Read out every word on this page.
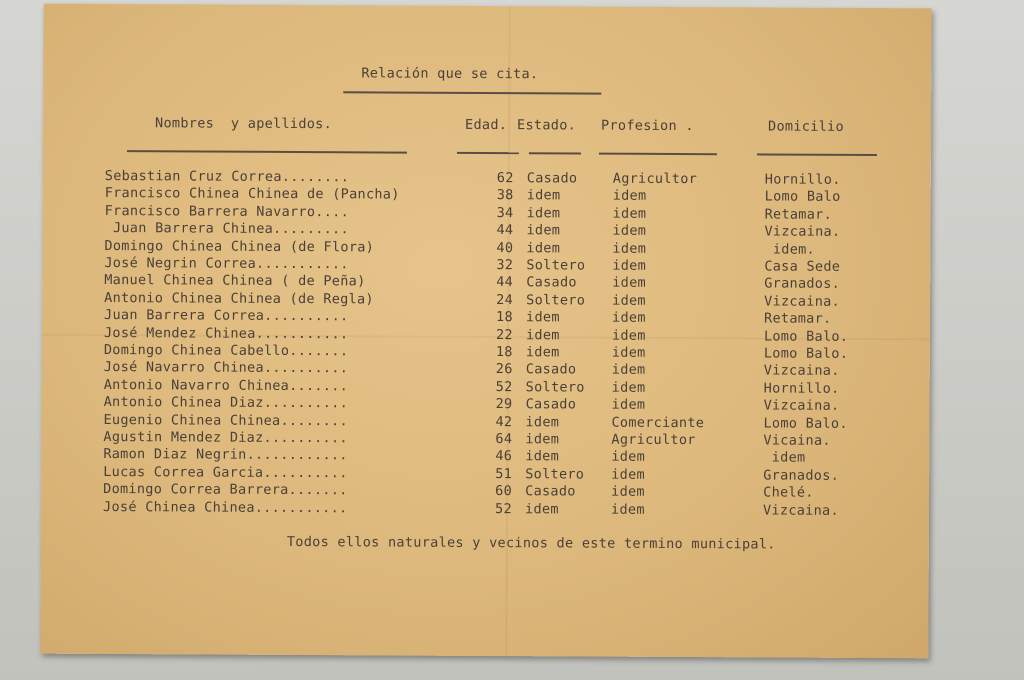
Relación que se cita.
Nombres  y apellidos.	Edad. Estado. Profesion .	Domicilio
Sebastian Cruz Correa........	62 Casado	Agricultor	Hornillo.
Francisco Chinea Chinea de (Pancha)	38 idem	idem	Lomo Balo
Francisco Barrera Navarro....	34 idem	idem	Retamar.
Juan Barrera Chinea.........	44 idem	idem	Vizcaina.
Domingo Chinea Chinea (de Flora)	40 idem	idem	idem.
José Negrin Correa...........	32 Soltero idem	Casa Sede
Manuel Chinea Chinea ( de Peña)	44 Casado	idem	Granados.
Antonio Chinea Chinea (de Regla)	24 Soltero idem	Vizcaina.
Juan Barrera Correa..........	18 idem	idem	Retamar.
José Mendez Chinea...........	22 idem	idem	Lomo Balo.
Domingo Chinea Cabello.......	18 idem	idem	Lomo Balo.
José Navarro Chinea..........	26 Casado	idem	Vizcaina.
Antonio Navarro Chinea.......	52 Soltero idem	Hornillo.
Antonio Chinea Diaz..........	29 Casado	idem	Vizcaina.
Eugenio Chinea Chinea........	42 idem	Comerciante	Lomo Balo.
Agustin Mendez Diaz..........	64 idem	Agricultor	Vicaina.
Ramon Diaz Negrin............	46 idem	idem	idem
Lucas Correa Garcia..........	51 Soltero idem	Granados.
Domingo Correa Barrera.......	60 Casado	idem	Chelé.
José Chinea Chinea...........	52 idem	idem	Vizcaina.
Todos ellos naturales y vecinos de este termino municipal.
